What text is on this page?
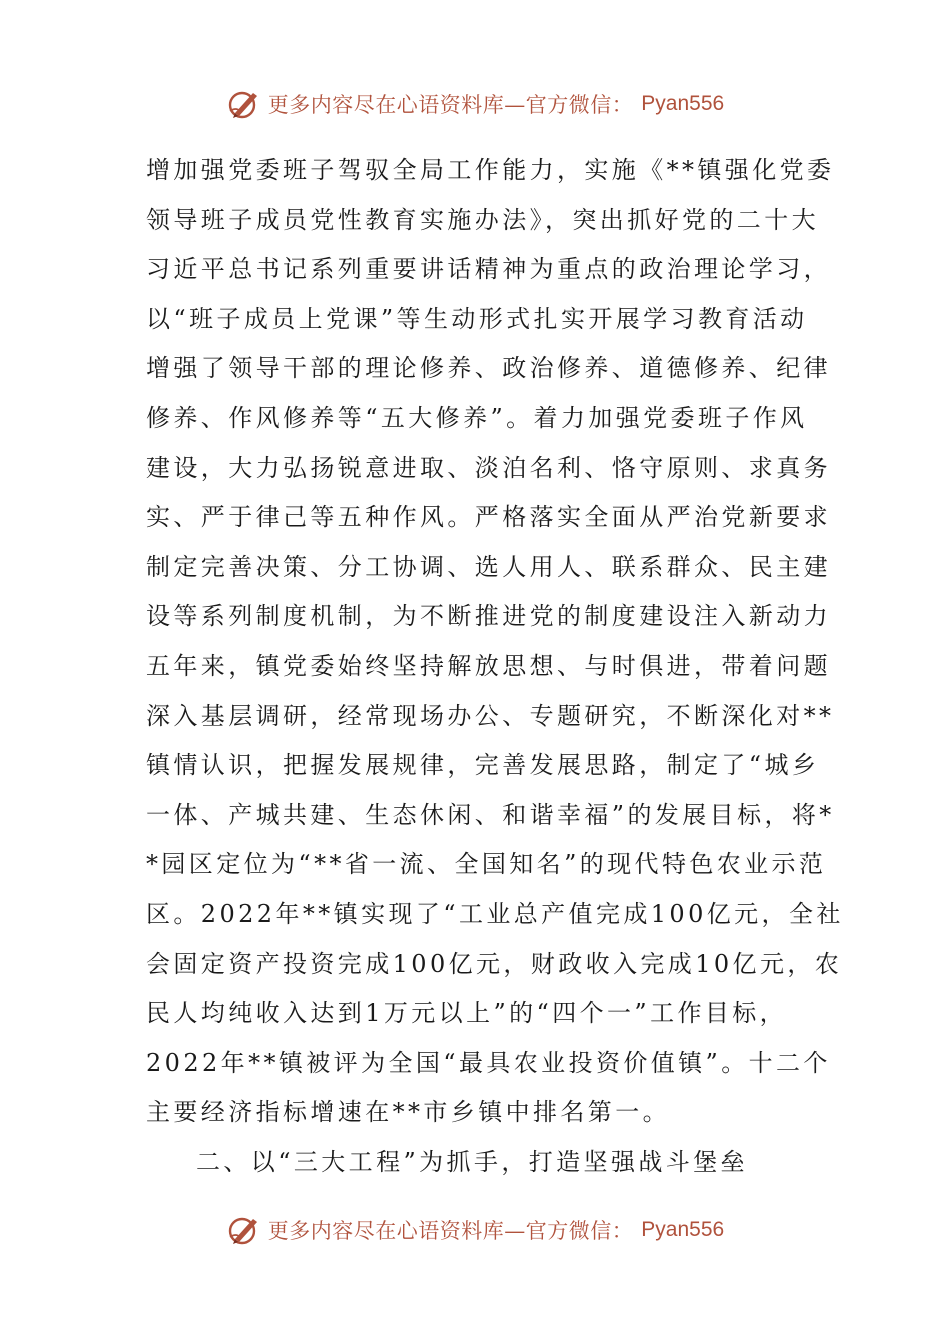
更多内容尽在心语资料库—官方微信： Pyan556
增加强党委班子驾驭全局工作能力，实施《**镇强化党委
领导班子成员党性教育实施办法》，突出抓好党的二十大
习近平总书记系列重要讲话精神为重点的政治理论学习，
以“班子成员上党课”等生动形式扎实开展学习教育活动
增强了领导干部的理论修养、政治修养、道德修养、纪律
修养、作风修养等“五大修养”。着力加强党委班子作风
建设，大力弘扬锐意进取、淡泊名利、恪守原则、求真务
实、严于律己等五种作风。严格落实全面从严治党新要求
制定完善决策、分工协调、选人用人、联系群众、民主建
设等系列制度机制，为不断推进党的制度建设注入新动力
五年来，镇党委始终坚持解放思想、与时俱进，带着问题
深入基层调研，经常现场办公、专题研究，不断深化对**
镇情认识，把握发展规律，完善发展思路，制定了“城乡
一体、产城共建、生态休闲、和谐幸福”的发展目标，将*
*园区定位为“**省一流、全国知名”的现代特色农业示范
区。2022年**镇实现了“工业总产值完成100亿元，全社
会固定资产投资完成100亿元，财政收入完成10亿元，农
民人均纯收入达到1万元以上”的“四个一”工作目标，
2022年**镇被评为全国“最具农业投资价值镇”。十二个
主要经济指标增速在**市乡镇中排名第一。
二、以“三大工程”为抓手，打造坚强战斗堡垒
更多内容尽在心语资料库—官方微信： Pyan556
